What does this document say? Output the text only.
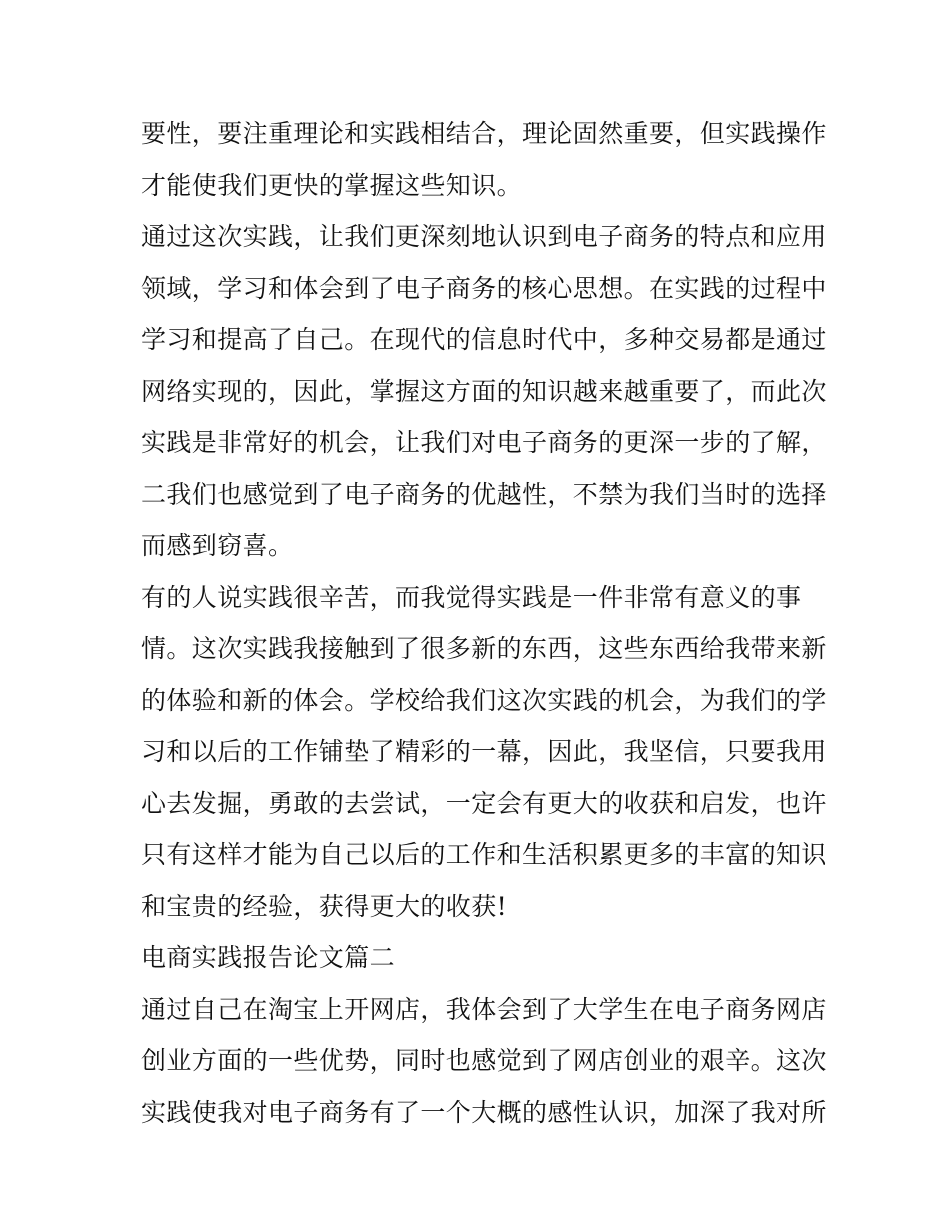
要性，要注重理论和实践相结合，理论固然重要，但实践操作
才能使我们更快的掌握这些知识。
通过这次实践，让我们更深刻地认识到电子商务的特点和应用
领域，学习和体会到了电子商务的核心思想。在实践的过程中
学习和提高了自己。在现代的信息时代中，多种交易都是通过
网络实现的，因此，掌握这方面的知识越来越重要了，而此次
实践是非常好的机会，让我们对电子商务的更深一步的了解，
二我们也感觉到了电子商务的优越性，不禁为我们当时的选择
而感到窃喜。
有的人说实践很辛苦，而我觉得实践是一件非常有意义的事
情。这次实践我接触到了很多新的东西，这些东西给我带来新
的体验和新的体会。学校给我们这次实践的机会，为我们的学
习和以后的工作铺垫了精彩的一幕，因此，我坚信，只要我用
心去发掘，勇敢的去尝试，一定会有更大的收获和启发，也许
只有这样才能为自己以后的工作和生活积累更多的丰富的知识
和宝贵的经验，获得更大的收获!
电商实践报告论文篇二
通过自己在淘宝上开网店，我体会到了大学生在电子商务网店
创业方面的一些优势，同时也感觉到了网店创业的艰辛。这次
实践使我对电子商务有了一个大概的感性认识，加深了我对所
